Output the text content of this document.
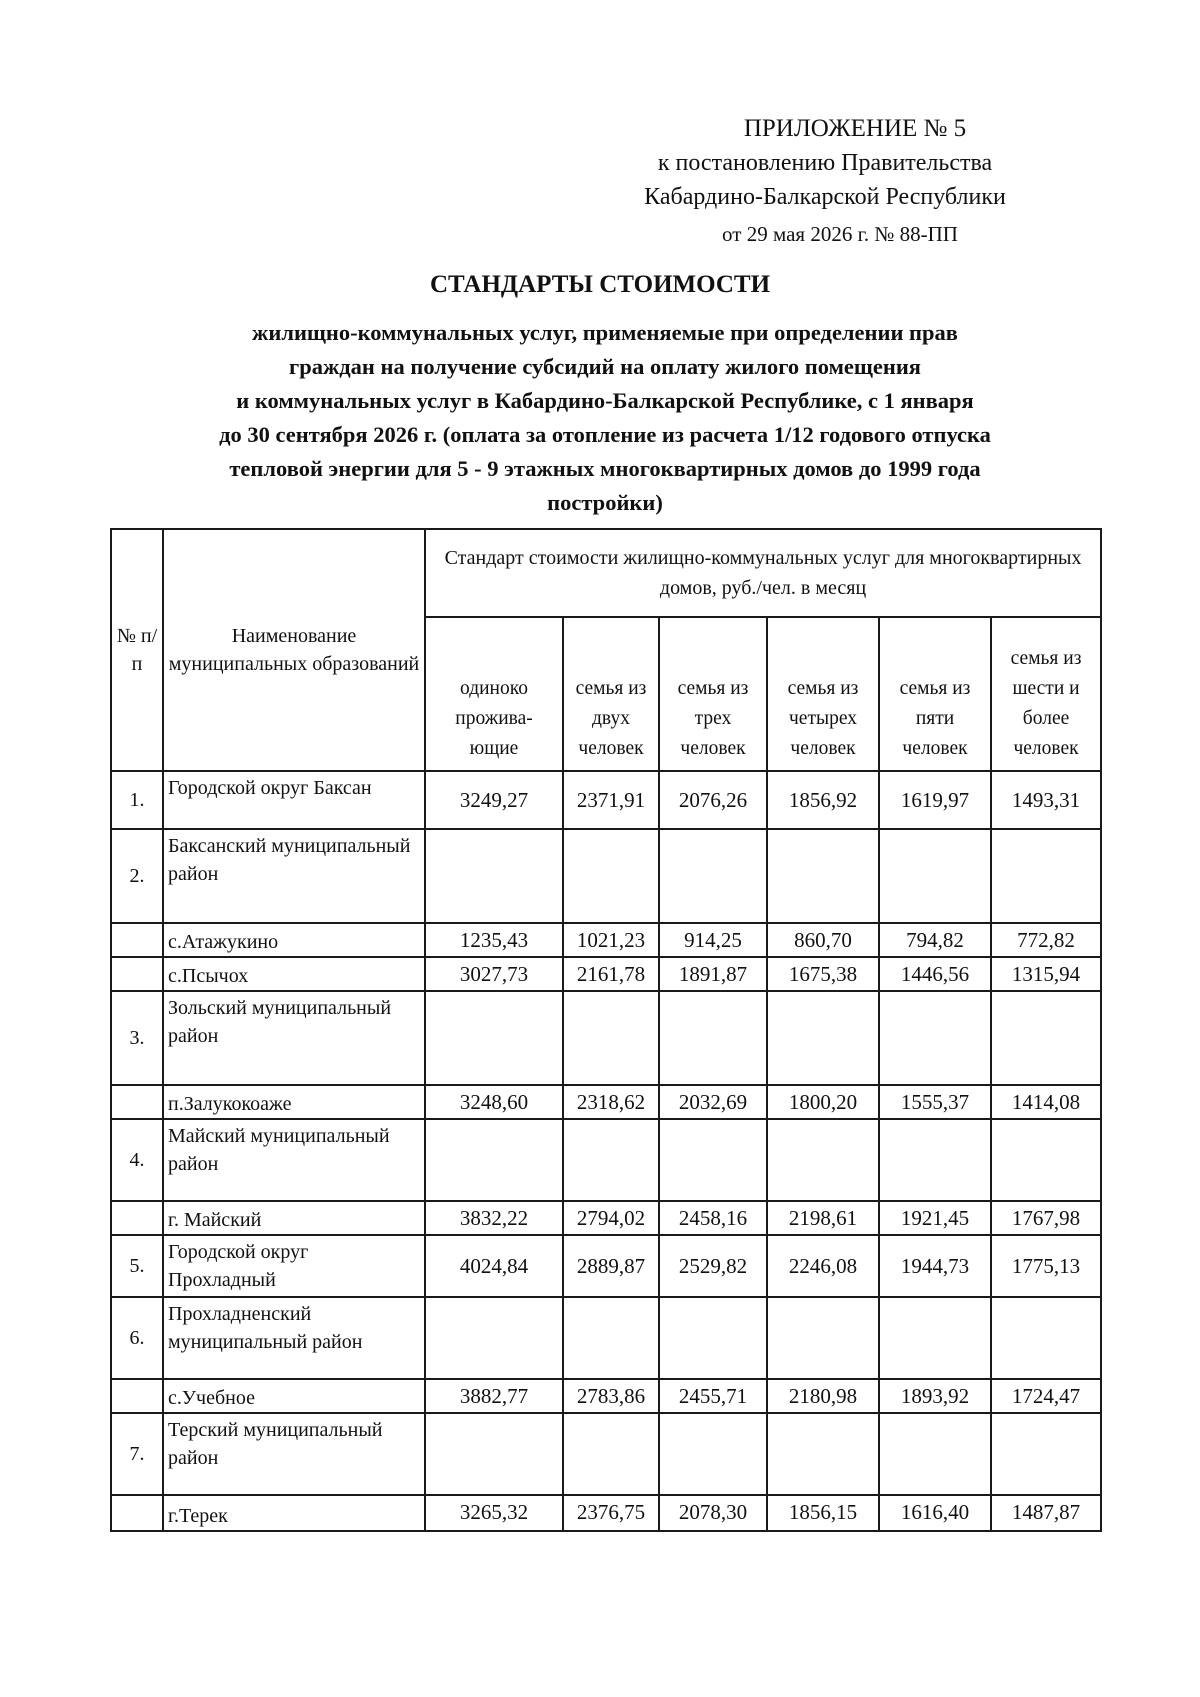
ПРИЛОЖЕНИЕ № 5
к постановлению Правительства
Кабардино-Балкарской Республики
от 29 мая 2026 г. № 88-ПП
СТАНДАРТЫ СТОИМОСТИ
жилищно-коммунальных услуг, применяемые при определении прав
граждан на получение субсидий на оплату жилого помещения
и коммунальных услуг в Кабардино-Балкарской Республике, с 1 января
до 30 сентября 2026 г. (оплата за отопление из расчета 1/12 годового отпуска
тепловой энергии для 5 - 9 этажных многоквартирных домов до 1999 года
постройки)
№ п/п	Наименование муниципальных образований	Стандарт стоимости жилищно-коммунальных услуг для многоквартирных домов, руб./чел. в месяц					
		одиноко прожива- ющие	семья из двух человек	семья из трех человек	семья из четырех человек	семья из пяти человек	семья из шести и более человек
1.	Городской округ Баксан	3249,27	2371,91	2076,26	1856,92	1619,97	1493,31
2.	Баксанский муниципальный район						
	с.Атажукино	1235,43	1021,23	914,25	860,70	794,82	772,82
	с.Псычох	3027,73	2161,78	1891,87	1675,38	1446,56	1315,94
3.	Зольский муниципальный район						
	п.Залукокоаже	3248,60	2318,62	2032,69	1800,20	1555,37	1414,08
4.	Майский муниципальный район						
	г. Майский	3832,22	2794,02	2458,16	2198,61	1921,45	1767,98
5.	Городской округ Прохладный	4024,84	2889,87	2529,82	2246,08	1944,73	1775,13
6.	Прохладненский муниципальный район						
	с.Учебное	3882,77	2783,86	2455,71	2180,98	1893,92	1724,47
7.	Терский муниципальный район						
	г.Терек	3265,32	2376,75	2078,30	1856,15	1616,40	1487,87
